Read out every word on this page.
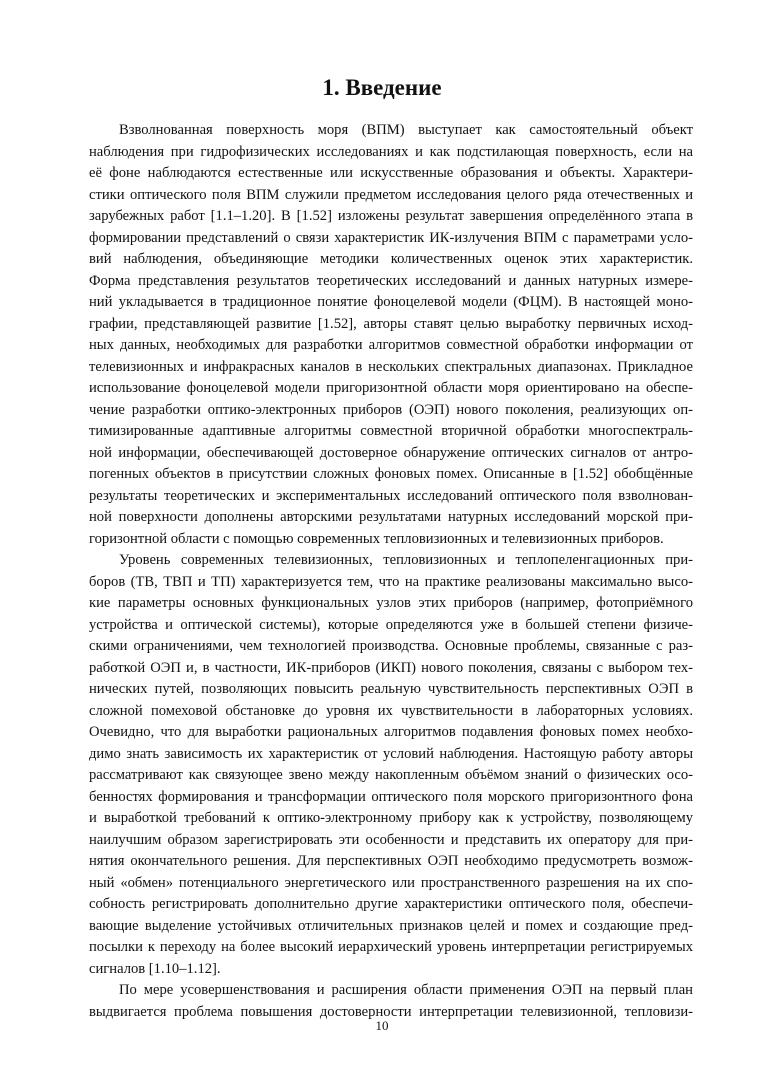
1. Введение
Взволнованная поверхность моря (ВПМ) выступает как самостоятельный объект
наблюдения при гидрофизических исследованиях и как подстилающая поверхность, если на
её фоне наблюдаются естественные или искусственные образования и объекты. Характери-
стики оптического поля ВПМ служили предметом исследования целого ряда отечественных и
зарубежных работ [1.1–1.20]. В [1.52] изложены результат завершения определённого этапа в
формировании представлений о связи характеристик ИК-излучения ВПМ с параметрами усло-
вий наблюдения, объединяющие методики количественных оценок этих характеристик.
Форма представления результатов теоретических исследований и данных натурных измере-
ний укладывается в традиционное понятие фоноцелевой модели (ФЦМ). В настоящей моно-
графии, представляющей развитие [1.52], авторы ставят целью выработку первичных исход-
ных данных, необходимых для разработки алгоритмов совместной обработки информации от
телевизионных и инфракрасных каналов в нескольких спектральных диапазонах. Прикладное
использование фоноцелевой модели пригоризонтной области моря ориентировано на обеспе-
чение разработки оптико-электронных приборов (ОЭП) нового поколения, реализующих оп-
тимизированные адаптивные алгоритмы совместной вторичной обработки многоспектраль-
ной информации, обеспечивающей достоверное обнаружение оптических сигналов от антро-
погенных объектов в присутствии сложных фоновых помех. Описанные в [1.52] обобщённые
результаты теоретических и экспериментальных исследований оптического поля взволнован-
ной поверхности дополнены авторскими результатами натурных исследований морской при-
горизонтной области с помощью современных тепловизионных и телевизионных приборов.
Уровень современных телевизионных, тепловизионных и теплопеленгационных при-
боров (ТВ, ТВП и ТП) характеризуется тем, что на практике реализованы максимально высо-
кие параметры основных функциональных узлов этих приборов (например, фотоприёмного
устройства и оптической системы), которые определяются уже в большей степени физиче-
скими ограничениями, чем технологией производства. Основные проблемы, связанные с раз-
работкой ОЭП и, в частности, ИК-приборов (ИКП) нового поколения, связаны с выбором тех-
нических путей, позволяющих повысить реальную чувствительность перспективных ОЭП в
сложной помеховой обстановке до уровня их чувствительности в лабораторных условиях.
Очевидно, что для выработки рациональных алгоритмов подавления фоновых помех необхо-
димо знать зависимость их характеристик от условий наблюдения. Настоящую работу авторы
рассматривают как связующее звено между накопленным объёмом знаний о физических осо-
бенностях формирования и трансформации оптического поля морского пригоризонтного фона
и выработкой требований к оптико-электронному прибору как к устройству, позволяющему
наилучшим образом зарегистрировать эти особенности и представить их оператору для при-
нятия окончательного решения. Для перспективных ОЭП необходимо предусмотреть возмож-
ный «обмен» потенциального энергетического или пространственного разрешения на их спо-
собность регистрировать дополнительно другие характеристики оптического поля, обеспечи-
вающие выделение устойчивых отличительных признаков целей и помех и создающие пред-
посылки к переходу на более высокий иерархический уровень интерпретации регистрируемых
сигналов [1.10–1.12].
По мере усовершенствования и расширения области применения ОЭП на первый план
выдвигается проблема повышения достоверности интерпретации телевизионной, тепловизи-
10
